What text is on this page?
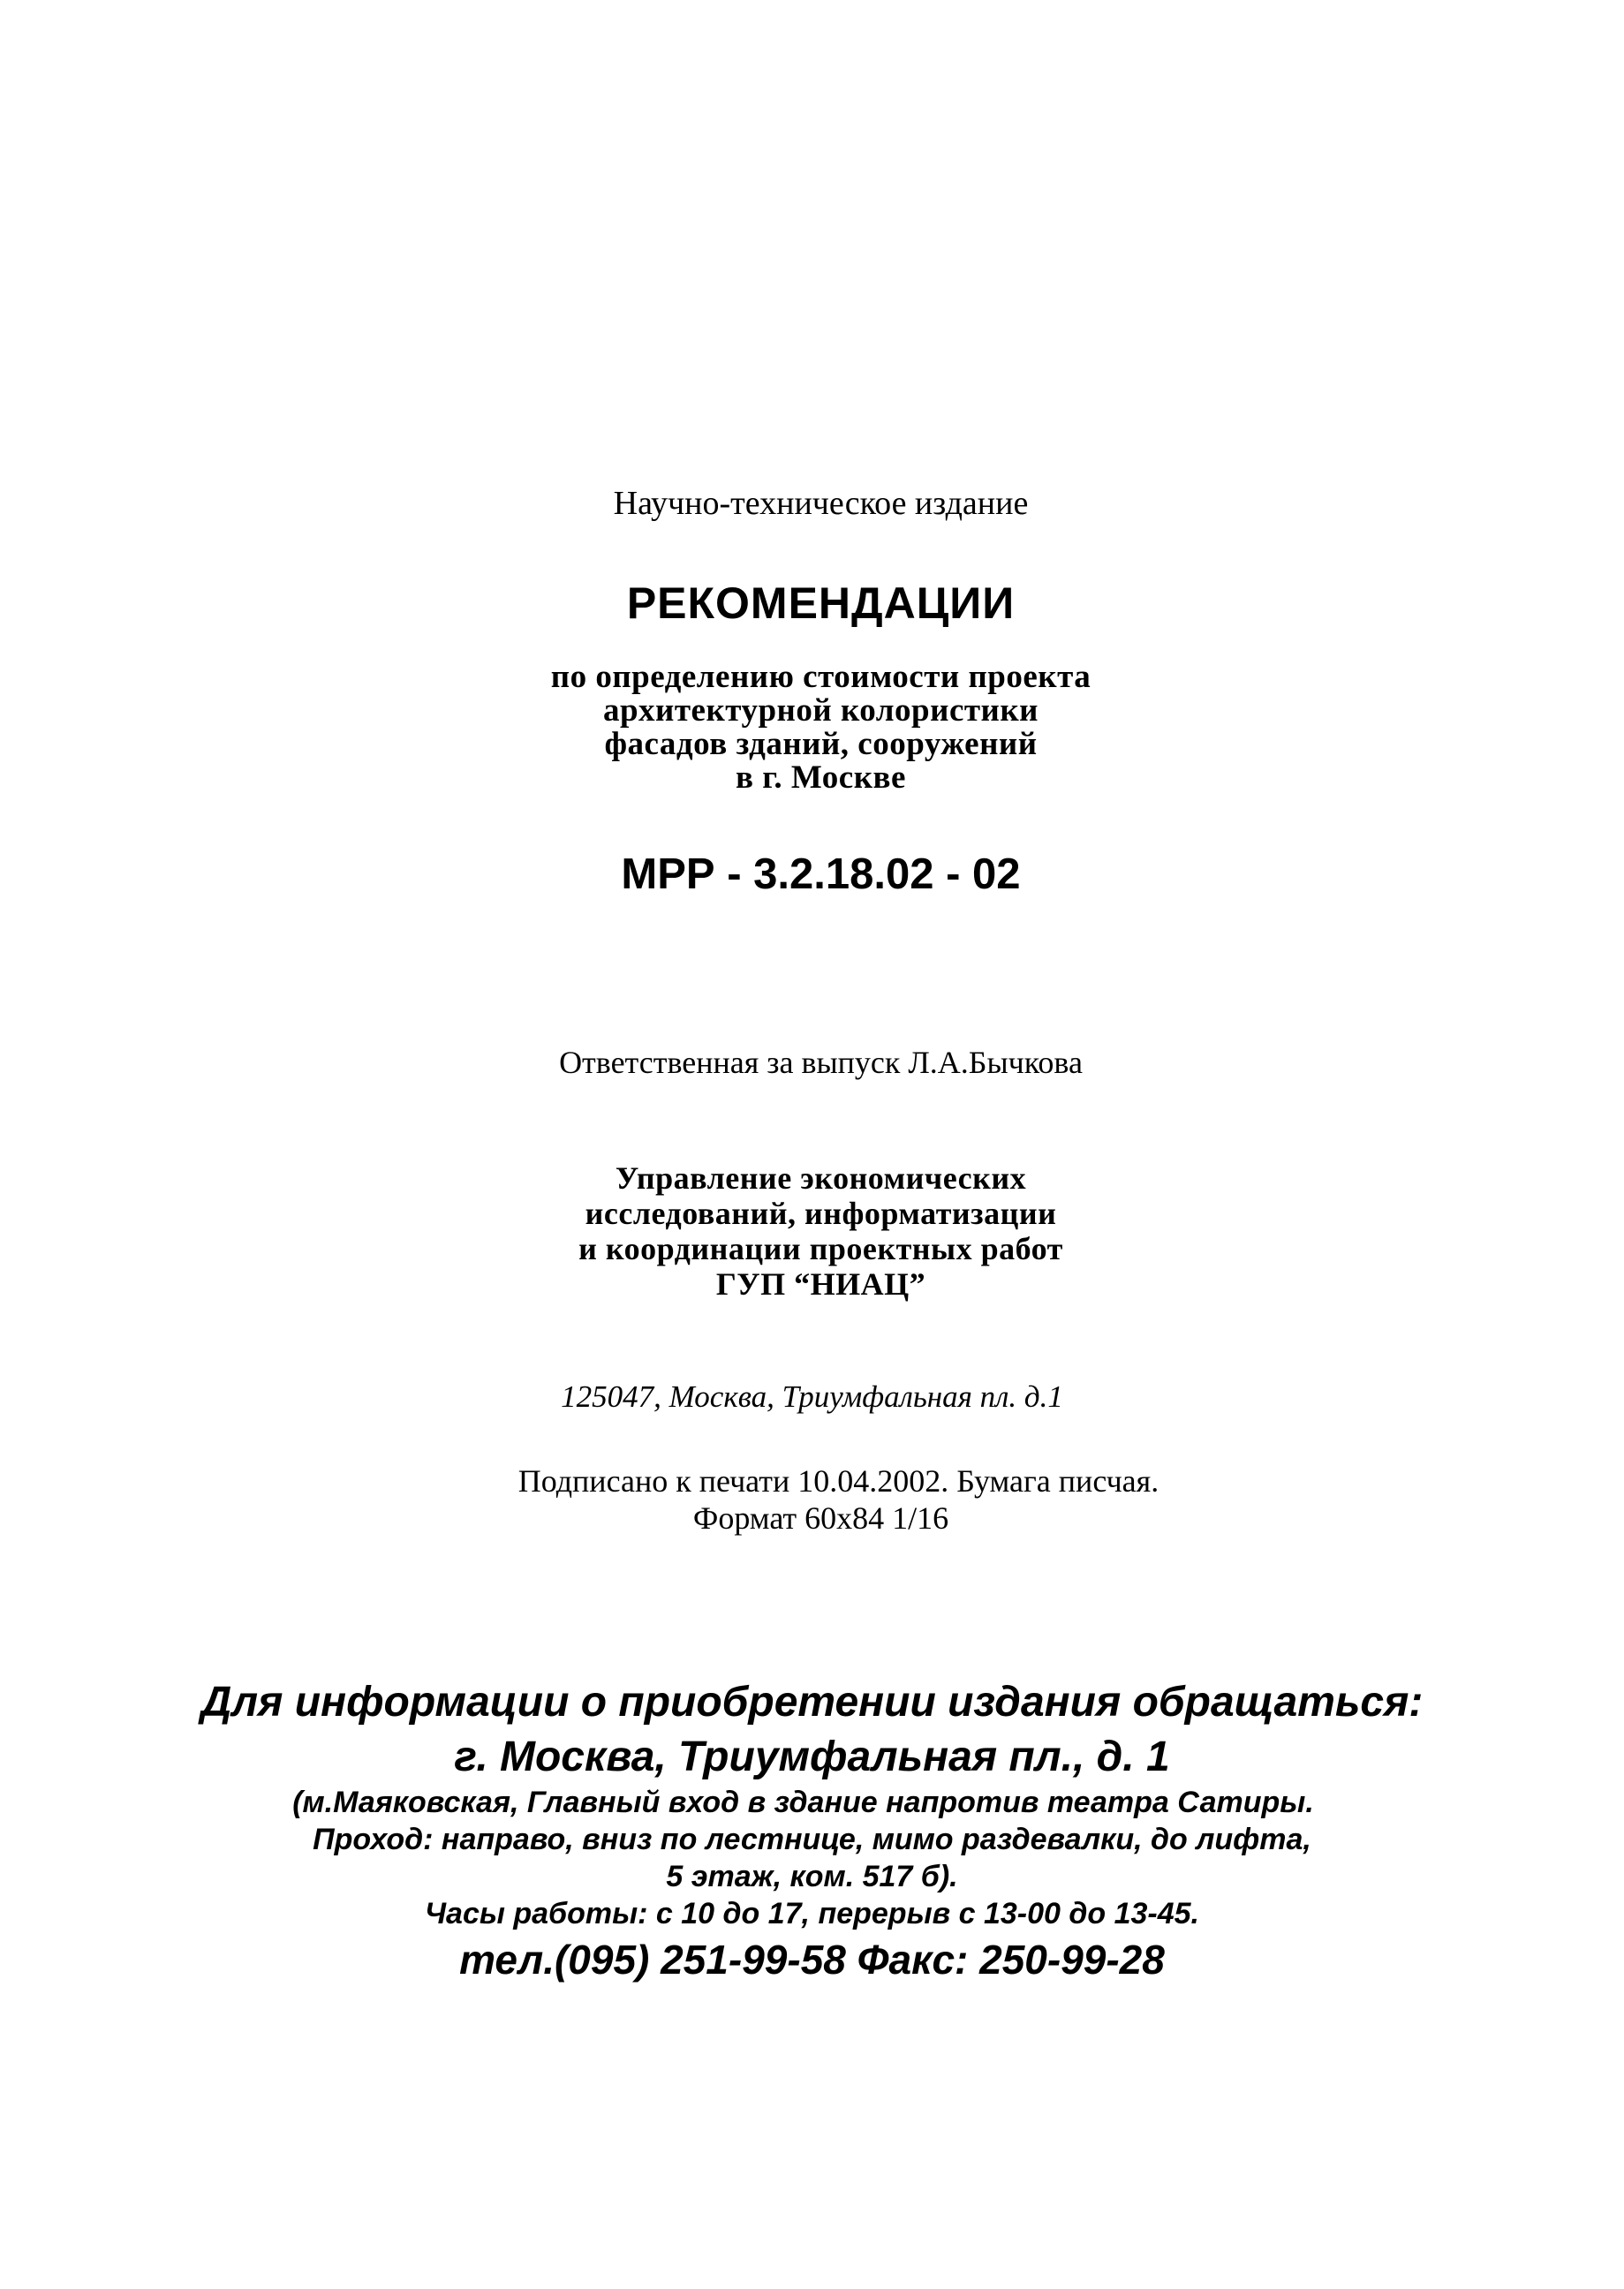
Научно-техническое издание

РЕКОМЕНДАЦИИ

по определению стоимости проекта

архитектурной колористики

фасадов зданий, сооружений

в г. Москве

МРР - 3.2.18.02 - 02

Ответственная за выпуск Л.А.Бычкова

Управление экономических

исследований, информатизации

и координации проектных работ

ГУП “НИАЦ”

125047, Москва, Триумфальная пл. д.1

Подписано к печати 10.04.2002. Бумага писчая.

Формат 60х84 1/16

Для информации о приобретении издания обращаться:

г. Москва, Триумфальная пл., д. 1

(м.Маяковская, Главный вход в здание напротив театра Сатиры.

Проход: направо, вниз по лестнице, мимо раздевалки, до лифта,

5 этаж, ком. 517 б).

Часы работы: с 10 до 17, перерыв с 13-00 до 13-45.

тел.(095) 251-99-58 Факс: 250-99-28
